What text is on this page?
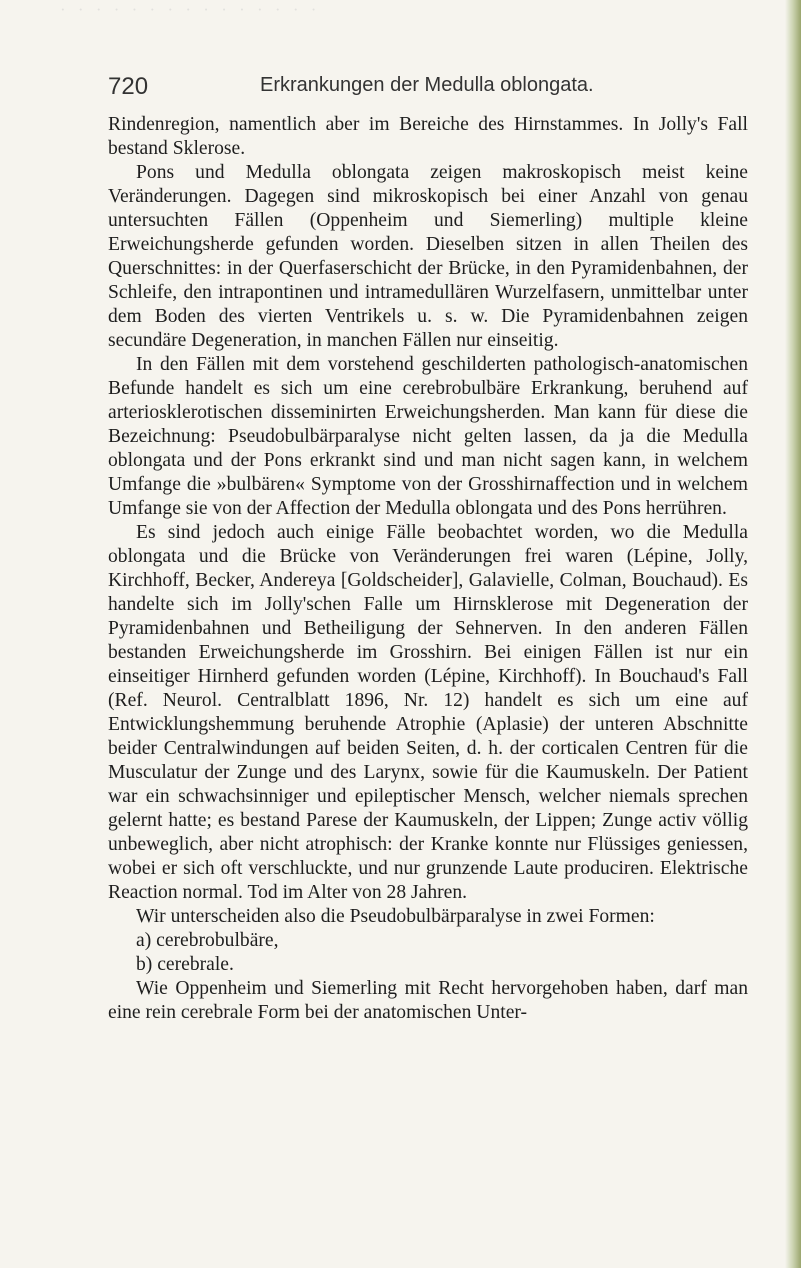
· · · · · · · · · · · · · · ·
720	Erkrankungen der Medulla oblongata.

Rindenregion, namentlich aber im Bereiche des Hirnstammes. In Jolly's Fall bestand Sklerose.

Pons und Medulla oblongata zeigen makroskopisch meist keine Veränderungen. Dagegen sind mikroskopisch bei einer Anzahl von genau untersuchten Fällen (Oppenheim und Siemerling) multiple kleine Erweichungsherde gefunden worden. Dieselben sitzen in allen Theilen des Querschnittes: in der Querfaserschicht der Brücke, in den Pyramidenbahnen, der Schleife, den intrapontinen und intramedullären Wurzelfasern, unmittelbar unter dem Boden des vierten Ventrikels u. s. w. Die Pyramidenbahnen zeigen secundäre Degeneration, in manchen Fällen nur einseitig.

In den Fällen mit dem vorstehend geschilderten pathologisch-anatomischen Befunde handelt es sich um eine cerebrobulbäre Erkrankung, beruhend auf arteriosklerotischen disseminirten Erweichungsherden. Man kann für diese die Bezeichnung: Pseudobulbärparalyse nicht gelten lassen, da ja die Medulla oblongata und der Pons erkrankt sind und man nicht sagen kann, in welchem Umfange die »bulbären« Symptome von der Grosshirnaffection und in welchem Umfange sie von der Affection der Medulla oblongata und des Pons herrühren.

Es sind jedoch auch einige Fälle beobachtet worden, wo die Medulla oblongata und die Brücke von Veränderungen frei waren (Lépine, Jolly, Kirchhoff, Becker, Andereya [Goldscheider], Galavielle, Colman, Bouchaud). Es handelte sich im Jolly'schen Falle um Hirnsklerose mit Degeneration der Pyramidenbahnen und Betheiligung der Sehnerven. In den anderen Fällen bestanden Erweichungsherde im Grosshirn. Bei einigen Fällen ist nur ein einseitiger Hirnherd gefunden worden (Lépine, Kirchhoff). In Bouchaud's Fall (Ref. Neurol. Centralblatt 1896, Nr. 12) handelt es sich um eine auf Entwicklungshemmung beruhende Atrophie (Aplasie) der unteren Abschnitte beider Centralwindungen auf beiden Seiten, d. h. der corticalen Centren für die Musculatur der Zunge und des Larynx, sowie für die Kaumuskeln. Der Patient war ein schwachsinniger und epileptischer Mensch, welcher niemals sprechen gelernt hatte; es bestand Parese der Kaumuskeln, der Lippen; Zunge activ völlig unbeweglich, aber nicht atrophisch: der Kranke konnte nur Flüssiges geniessen, wobei er sich oft verschluckte, und nur grunzende Laute produciren. Elektrische Reaction normal. Tod im Alter von 28 Jahren.

Wir unterscheiden also die Pseudobulbärparalyse in zwei Formen:

a) cerebrobulbäre,

b) cerebrale.

Wie Oppenheim und Siemerling mit Recht hervorgehoben haben, darf man eine rein cerebrale Form bei der anatomischen Unter-
